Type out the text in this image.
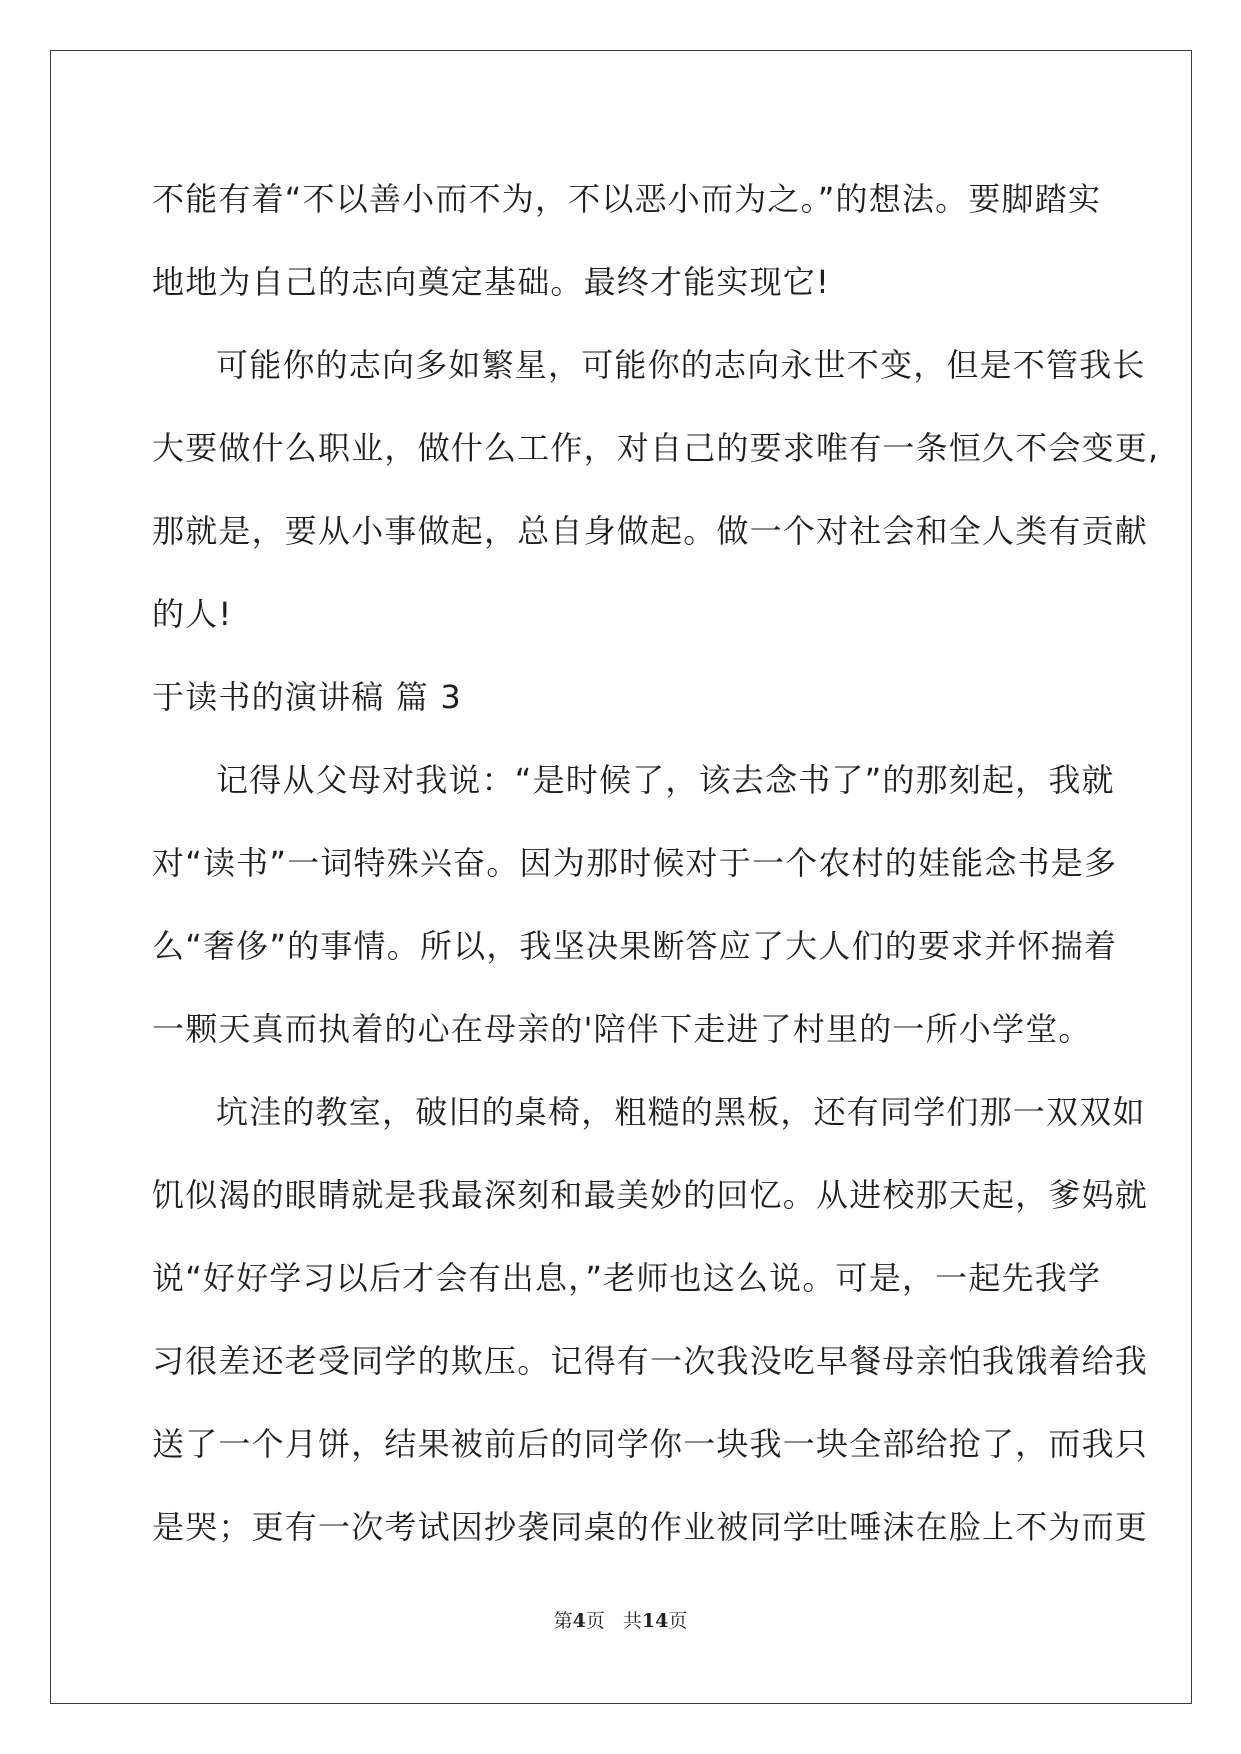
不能有着“不以善小而不为，不以恶小而为之。”的想法。要脚踏实
地地为自己的志向奠定基础。最终才能实现它!
可能你的志向多如繁星，可能你的志向永世不变，但是不管我长
大要做什么职业，做什么工作，对自己的要求唯有一条恒久不会变更,
那就是，要从小事做起，总自身做起。做一个对社会和全人类有贡献
的人!
于读书的演讲稿 篇 3
记得从父母对我说：“是时候了，该去念书了”的那刻起，我就
对“读书”一词特殊兴奋。因为那时候对于一个农村的娃能念书是多
么“奢侈”的事情。所以，我坚决果断答应了大人们的要求并怀揣着
一颗天真而执着的心在母亲的'陪伴下走进了村里的一所小学堂。
坑洼的教室，破旧的桌椅，粗糙的黑板，还有同学们那一双双如
饥似渴的眼睛就是我最深刻和最美妙的回忆。从进校那天起，爹妈就
说“好好学习以后才会有出息，”老师也这么说。可是，一起先我学
习很差还老受同学的欺压。记得有一次我没吃早餐母亲怕我饿着给我
送了一个月饼，结果被前后的同学你一块我一块全部给抢了，而我只
是哭；更有一次考试因抄袭同桌的作业被同学吐唾沫在脸上不为而更
第4页 共14页
